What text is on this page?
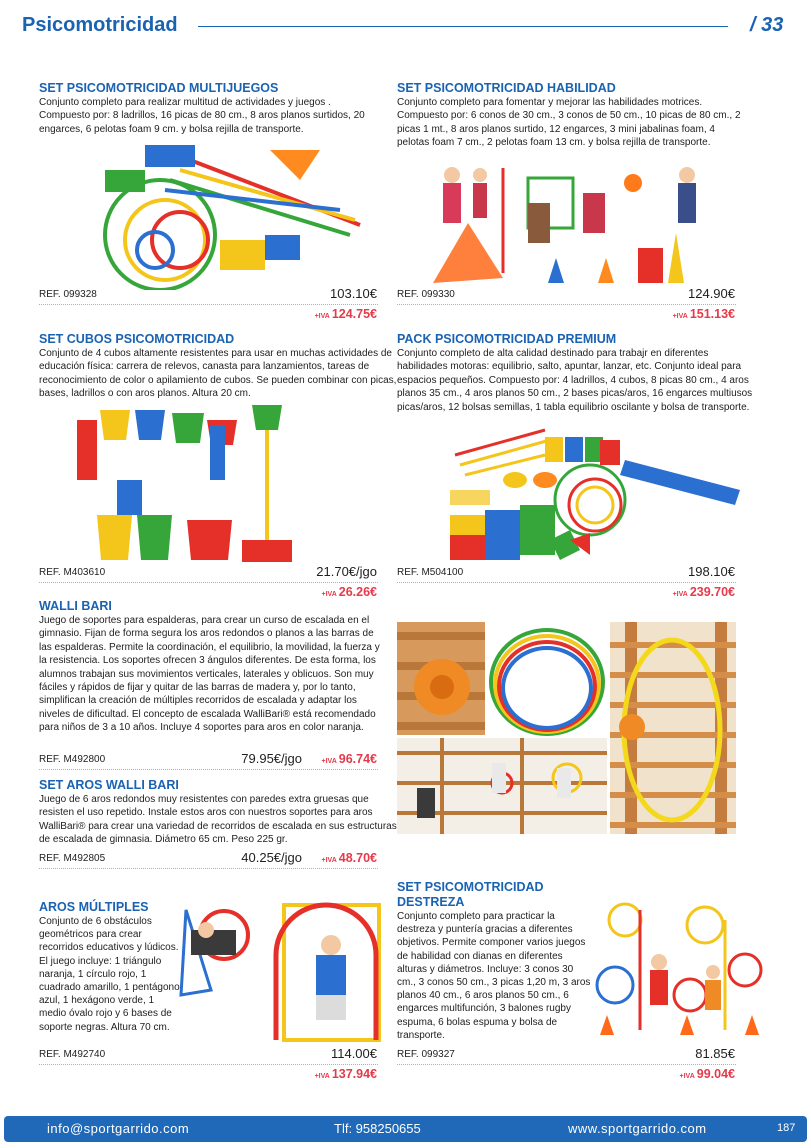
Psicomotricidad	/ 33
SET PSICOMOTRICIDAD MULTIJUEGOS
Conjunto completo para realizar multitud de actividades y juegos . Compuesto por: 8 ladrillos, 16 picas de 80 cm., 8 aros planos surtidos, 20 engarces, 6 pelotas foam 9 cm. y bolsa rejilla de transporte.
REF. 099328	103.10€
+IVA 124.75€
SET PSICOMOTRICIDAD HABILIDAD
Conjunto completo para fomentar y mejorar las habilidades motrices. Compuesto por: 6 conos de 30 cm., 3 conos de 50 cm., 10 picas de 80 cm., 2 picas 1 mt., 8 aros planos surtido, 12 engarces, 3 mini jabalinas foam, 4 pelotas foam 7 cm., 2 pelotas foam 13 cm. y bolsa rejilla de transporte.
REF. 099330	124.90€
+IVA 151.13€
SET CUBOS PSICOMOTRICIDAD
Conjunto de 4 cubos altamente resistentes para usar en muchas actividades de educación física: carrera de relevos, canasta para lanzamientos, tareas de reconocimiento de color o apilamiento de cubos. Se pueden combinar con picas, bases, ladrillos o con aros planos. Altura 20 cm.
REF. M403610	21.70€/jgo
+IVA 26.26€
PACK PSICOMOTRICIDAD PREMIUM
Conjunto completo de alta calidad destinado para trabajr en diferentes habilidades motoras: equilibrio, salto, apuntar, lanzar, etc. Conjunto ideal para espacios pequeños. Compuesto por: 4 ladrillos, 4 cubos, 8 picas 80 cm., 4 aros planos 35 cm., 4 aros planos 50 cm., 2 bases picas/aros, 16 engarces multiusos picas/aros, 12 bolsas semillas, 1 tabla equilibrio oscilante y bolsa de transporte.
REF. M504100	198.10€
+IVA 239.70€
WALLI BARI
Juego de soportes para espalderas, para crear un curso de escalada en el gimnasio. Fijan de forma segura los aros redondos o planos a las barras de las espalderas. Permite la coordinación, el equilibrio, la movilidad, la fuerza y la resistencia. Los soportes ofrecen 3 ángulos diferentes. De esta forma, los alumnos trabajan sus movimientos verticales, laterales y oblicuos. Son muy fáciles y rápidos de fijar y quitar de las barras de madera y, por lo tanto, simplifican la creación de múltiples recorridos de escalada y adaptar los niveles de dificultad. El concepto de escalada WalliBari® está recomendado para niños de 3 a 10 años. Incluye 4 soportes para aros en color naranja.
REF. M492800	79.95€/jgo	+IVA 96.74€
SET AROS WALLI BARI
Juego de 6 aros redondos muy resistentes con paredes extra gruesas que resisten el uso repetido. Instale estos aros con nuestros soportes para aros WalliBari® para crear una variedad de recorridos de escalada en sus estructuras de escalada de gimnasia. Diámetro 65 cm. Peso 225 gr.
REF. M492805	40.25€/jgo	+IVA 48.70€
AROS MÚLTIPLES
Conjunto de 6 obstáculos geométricos para crear recorridos educativos y lúdicos. El juego incluye: 1 triángulo naranja, 1 círculo rojo, 1 cuadrado amarillo, 1 pentágono azul, 1 hexágono verde, 1 medio óvalo rojo y 6 bases de soporte negras. Altura 70 cm.
REF. M492740	114.00€
+IVA 137.94€
SET PSICOMOTRICIDAD DESTREZA
Conjunto completo para practicar la destreza y puntería gracias a diferentes objetivos. Permite componer varios juegos de habilidad con dianas en diferentes alturas y diámetros. Incluye: 3 conos 30 cm., 3 conos 50 cm., 3 picas 1,20 m, 3 aros planos 40 cm., 6 aros planos 50 cm., 6 engarces multifunción, 3 balones rugby espuma, 6 bolas espuma y bolsa de transporte.
REF. 099327	81.85€
+IVA 99.04€
info@sportgarrido.com	Tlf: 958250655	www.sportgarrido.com	187
